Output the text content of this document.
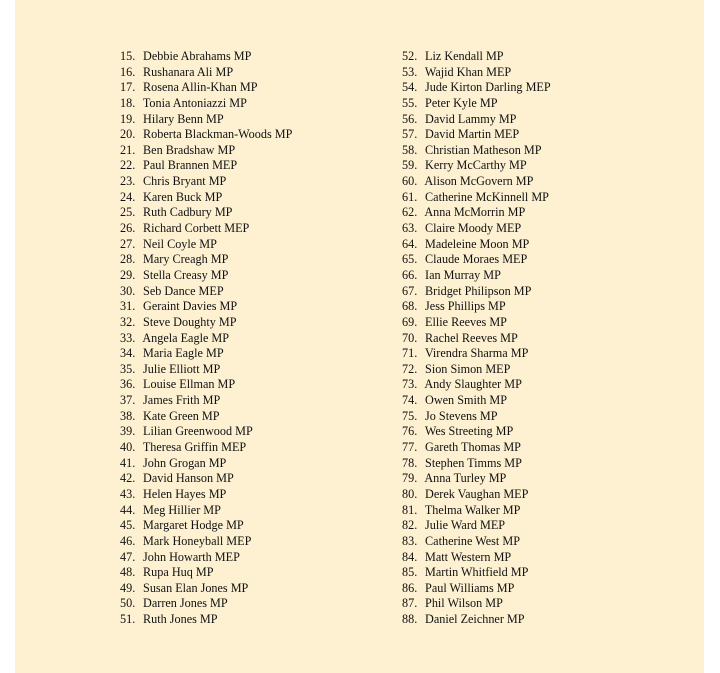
15. Debbie Abrahams MP
16. Rushanara Ali MP
17. Rosena Allin-Khan MP
18. Tonia Antoniazzi MP
19. Hilary Benn MP
20. Roberta Blackman-Woods MP
21. Ben Bradshaw MP
22. Paul Brannen MEP
23. Chris Bryant MP
24. Karen Buck MP
25. Ruth Cadbury MP
26. Richard Corbett MEP
27. Neil Coyle MP
28. Mary Creagh MP
29. Stella Creasy MP
30. Seb Dance MEP
31. Geraint Davies MP
32. Steve Doughty MP
33. Angela Eagle MP
34. Maria Eagle MP
35. Julie Elliott MP
36. Louise Ellman MP
37. James Frith MP
38. Kate Green MP
39. Lilian Greenwood MP
40. Theresa Griffin MEP
41. John Grogan MP
42. David Hanson MP
43. Helen Hayes MP
44. Meg Hillier MP
45. Margaret Hodge MP
46. Mark Honeyball MEP
47. John Howarth MEP
48. Rupa Huq MP
49. Susan Elan Jones MP
50. Darren Jones MP
51. Ruth Jones MP
52. Liz Kendall MP
53. Wajid Khan MEP
54. Jude Kirton Darling MEP
55. Peter Kyle MP
56. David Lammy MP
57. David Martin MEP
58. Christian Matheson MP
59. Kerry McCarthy MP
60. Alison McGovern MP
61. Catherine McKinnell MP
62. Anna McMorrin MP
63. Claire Moody MEP
64. Madeleine Moon MP
65. Claude Moraes MEP
66. Ian Murray MP
67. Bridget Philipson MP
68. Jess Phillips MP
69. Ellie Reeves MP
70. Rachel Reeves MP
71. Virendra Sharma MP
72. Sion Simon MEP
73. Andy Slaughter MP
74. Owen Smith MP
75. Jo Stevens MP
76. Wes Streeting MP
77. Gareth Thomas MP
78. Stephen Timms MP
79. Anna Turley MP
80. Derek Vaughan MEP
81. Thelma Walker MP
82. Julie Ward MEP
83. Catherine West MP
84. Matt Western MP
85. Martin Whitfield MP
86. Paul Williams MP
87. Phil Wilson MP
88. Daniel Zeichner MP
